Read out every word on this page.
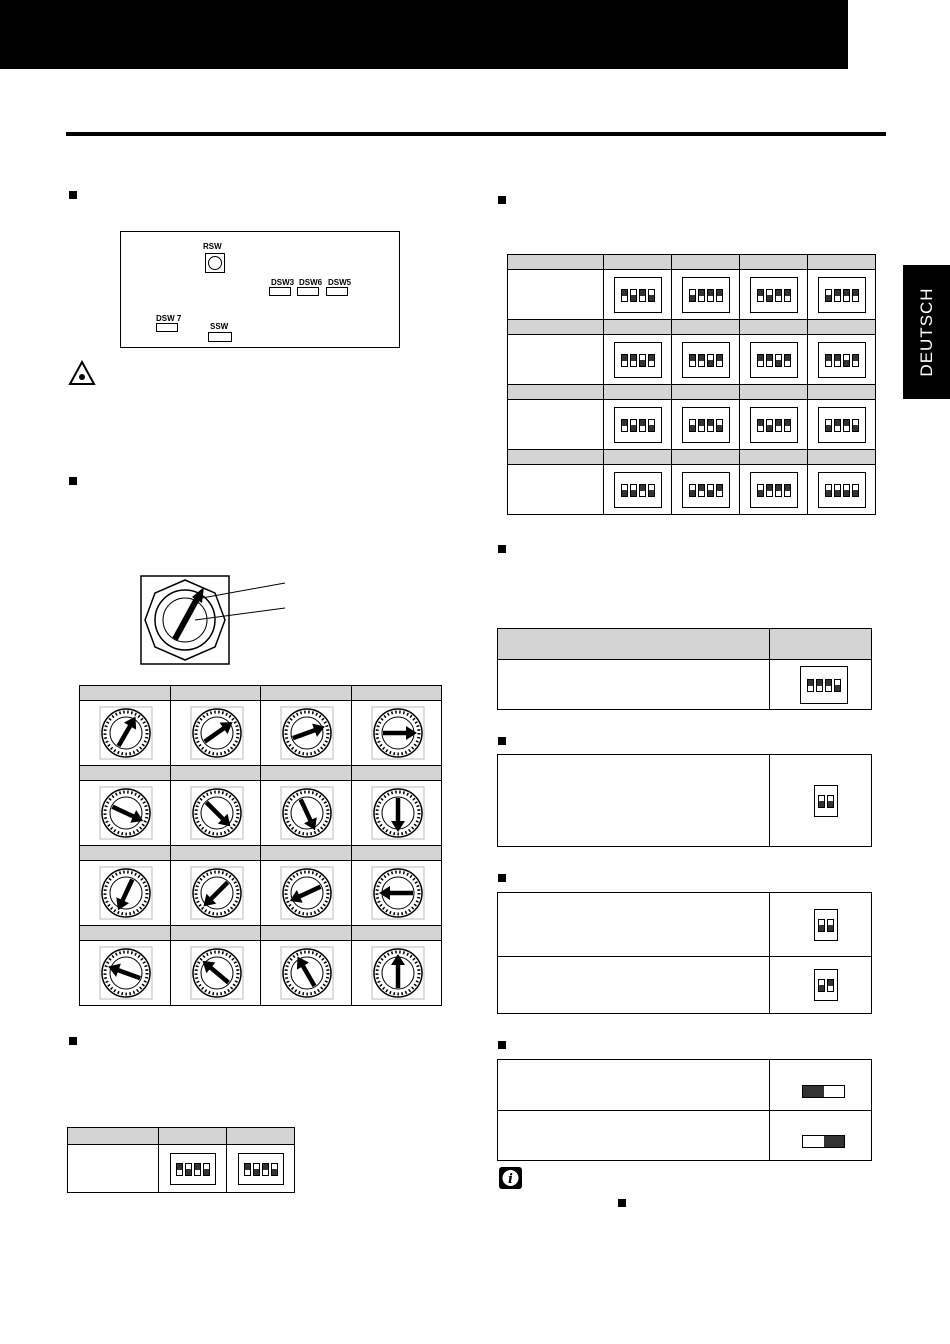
DEUTSCH
RSW
DSW3 DSW6 DSW5
DSW 7
SSW
i
